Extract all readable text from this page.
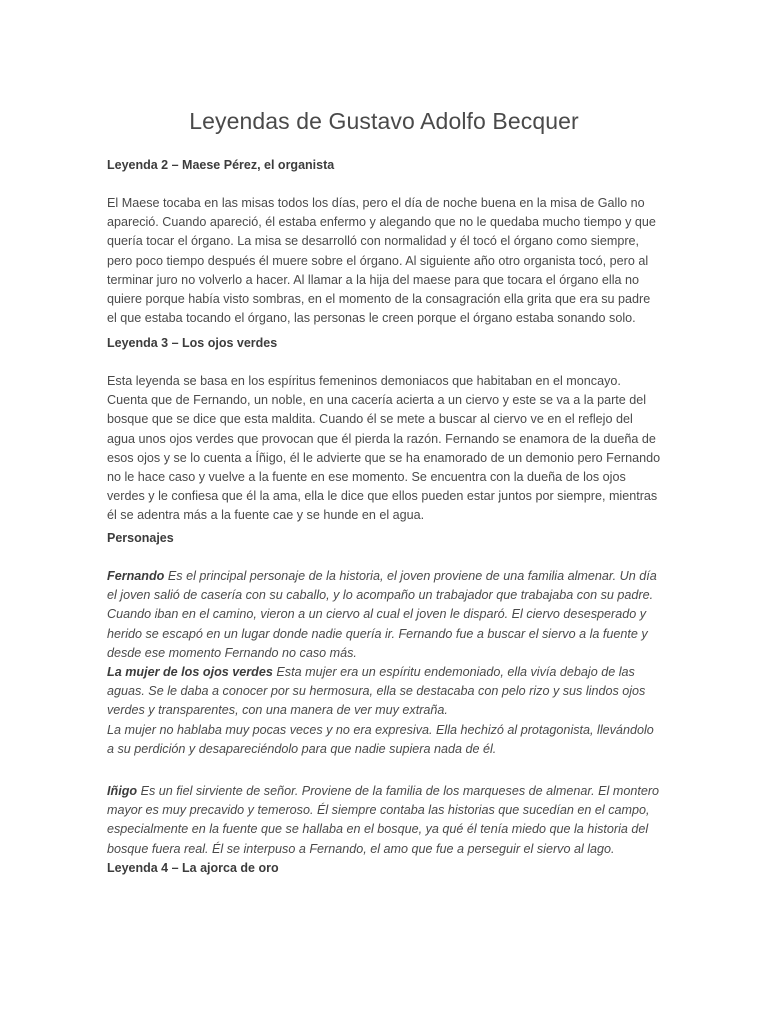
Leyendas de Gustavo Adolfo Becquer
Leyenda 2 – Maese Pérez, el organista

El Maese tocaba en las misas todos los días, pero el día de noche buena en la misa de Gallo no apareció. Cuando apareció, él estaba enfermo y alegando que no le quedaba mucho tiempo y que quería tocar el órgano. La misa se desarrolló con normalidad y él tocó el órgano como siempre, pero poco tiempo después él muere sobre el órgano. Al siguiente año otro organista tocó, pero al terminar juro no volverlo a hacer. Al llamar a la hija del maese para que tocara el órgano ella no quiere porque había visto sombras, en el momento de la consagración ella grita que era su padre el que estaba tocando el órgano, las personas le creen porque el órgano estaba sonando solo.

Leyenda 3 – Los ojos verdes

Esta leyenda se basa en los espíritus femeninos demoniacos que habitaban en el moncayo. Cuenta que de Fernando, un noble, en una cacería acierta a un ciervo y este se va a la parte del bosque que se dice que esta maldita. Cuando él se mete a buscar al ciervo ve en el reflejo del agua unos ojos verdes que provocan que él pierda la razón. Fernando se enamora de la dueña de esos ojos y se lo cuenta a Íñigo, él le advierte que se ha enamorado de un demonio pero Fernando no le hace caso y vuelve a la fuente en ese momento. Se encuentra con la dueña de los ojos verdes y le confiesa que él la ama, ella le dice que ellos pueden estar juntos por siempre, mientras él se adentra más a la fuente cae y se hunde en el agua.

Personajes

Fernando Es el principal personaje de la historia, el joven proviene de una familia almenar. Un día el joven salió de casería con su caballo, y lo acompaño un trabajador que trabajaba con su padre. Cuando iban en el camino, vieron a un ciervo al cual el joven le disparó. El ciervo desesperado y herido se escapó en un lugar donde nadie quería ir. Fernando fue a buscar el siervo a la fuente y desde ese momento Fernando no caso más.
La mujer de los ojos verdes Esta mujer era un espíritu endemoniado, ella vivía debajo de las aguas. Se le daba a conocer por su hermosura, ella se destacaba con pelo rizo y sus lindos ojos verdes y transparentes, con una manera de ver muy extraña.
La mujer no hablaba muy pocas veces y no era expresiva. Ella hechizó al protagonista, llevándolo a su perdición y desapareciéndolo para que nadie supiera nada de él.

Iñigo Es un fiel sirviente de señor. Proviene de la familia de los marqueses de almenar. El montero mayor es muy precavido y temeroso. Él siempre contaba las historias que sucedían en el campo, especialmente en la fuente que se hallaba en el bosque, ya qué él tenía miedo que la historia del bosque fuera real. Él se interpuso a Fernando, el amo que fue a perseguir el siervo al lago.

Leyenda 4 – La ajorca de oro
